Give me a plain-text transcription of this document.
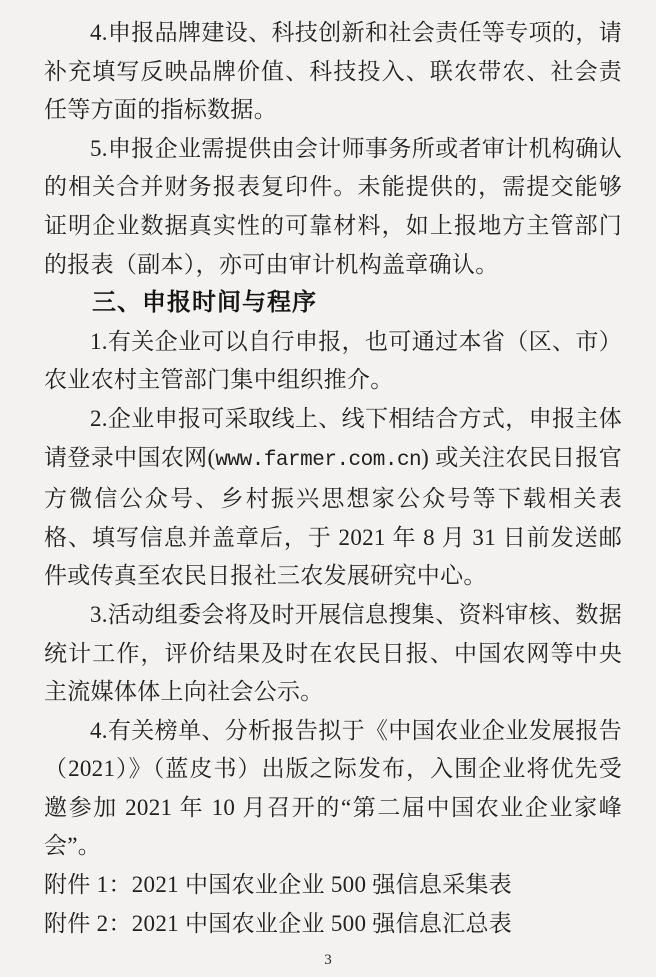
4.申报品牌建设、科技创新和社会责任等专项的，请补充填写反映品牌价值、科技投入、联农带农、社会责任等方面的指标数据。

5.申报企业需提供由会计师事务所或者审计机构确认的相关合并财务报表复印件。未能提供的，需提交能够证明企业数据真实性的可靠材料，如上报地方主管部门的报表（副本），亦可由审计机构盖章确认。

三、申报时间与程序

1.有关企业可以自行申报，也可通过本省（区、市）农业农村主管部门集中组织推介。

2.企业申报可采取线上、线下相结合方式，申报主体请登录中国农网(www.farmer.com.cn) 或关注农民日报官方微信公众号、乡村振兴思想家公众号等下载相关表格、填写信息并盖章后，于 2021 年 8 月 31 日前发送邮件或传真至农民日报社三农发展研究中心。

3.活动组委会将及时开展信息搜集、资料审核、数据统计工作，评价结果及时在农民日报、中国农网等中央主流媒体体上向社会公示。

4.有关榜单、分析报告拟于《中国农业企业发展报告（2021）》（蓝皮书）出版之际发布，入围企业将优先受邀参加 2021 年 10 月召开的“第二届中国农业企业家峰会”。

附件 1：2021 中国农业企业 500 强信息采集表

附件 2：2021 中国农业企业 500 强信息汇总表

3
